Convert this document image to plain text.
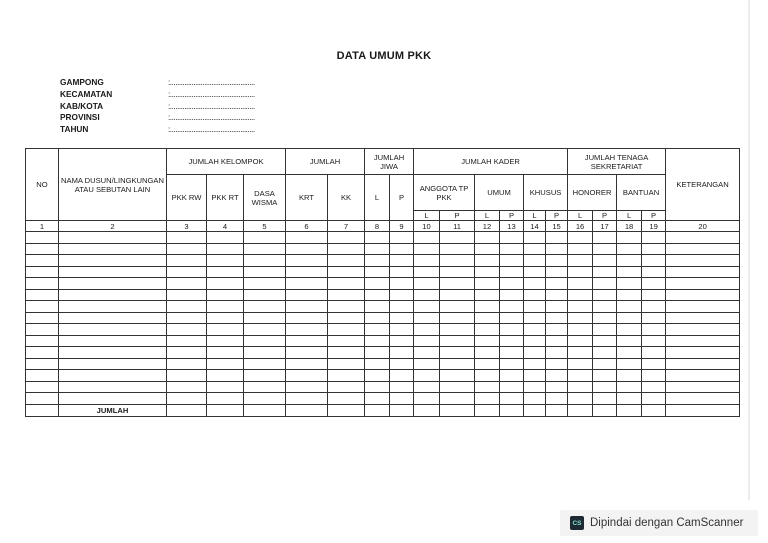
DATA UMUM PKK
GAMPONG	:...............................................
KECAMATAN	:...............................................
KAB/KOTA	:...............................................
PROVINSI	:...............................................
TAHUN	:...............................................
NO	NAMA DUSUN/LINGKUNGAN ATAU SEBUTAN LAIN	JUMLAH KELOMPOK			JUMLAH		JUMLAH JIWA		JUMLAH KADER						JUMLAH TENAGA SEKRETARIAT				KETERANGAN
		PKK RW	PKK RT	DASA WISMA	KRT	KK	L	P	ANGGOTA TP PKK		UMUM		KHUSUS		HONORER		BANTUAN		
									L	P	L	P	L	P	L	P	L	P	
1	2	3	4	5	6	7	8	9	10	11	12	13	14	15	16	17	18	19	20

	JUMLAH																		
CS Dipindai dengan CamScanner
